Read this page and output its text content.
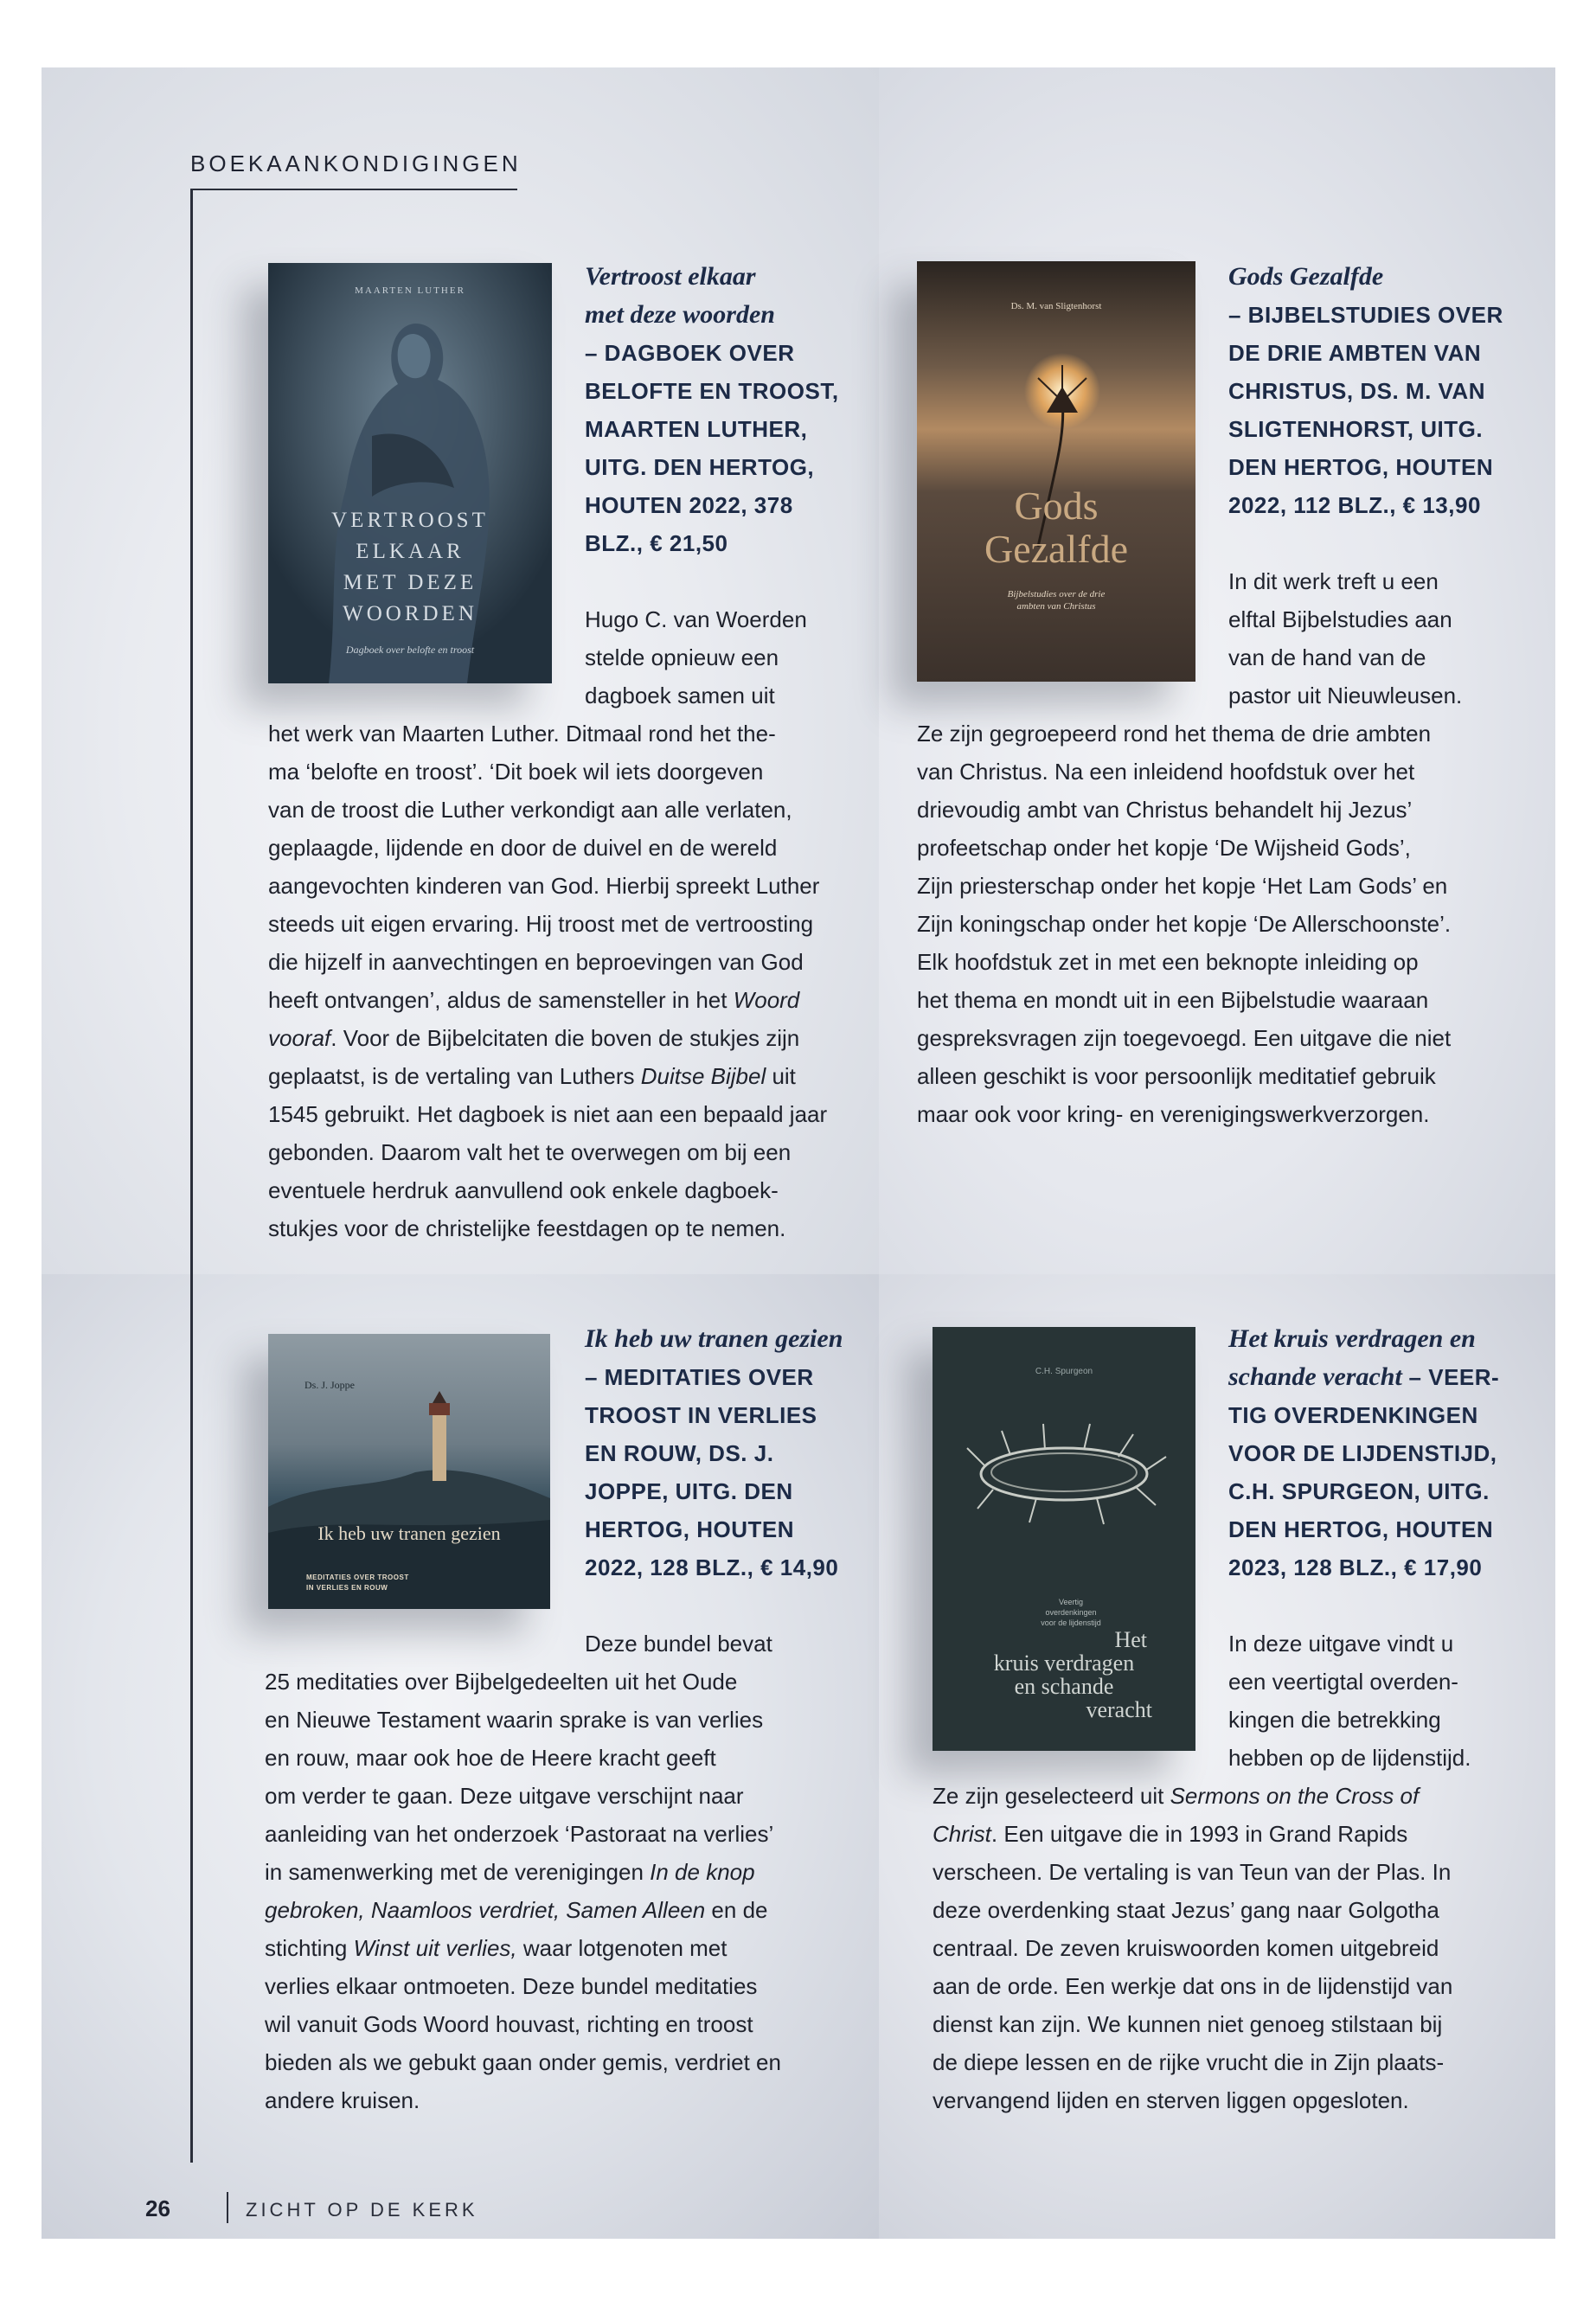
BOEKAANKONDIGINGEN
MAARTEN LUTHER
VERTROOST
ELKAAR
MET DEZE
WOORDEN
Dagboek over belofte en troost
Vertroost elkaar
met deze woorden
– DAGBOEK OVER
BELOFTE EN TROOST,
MAARTEN LUTHER,
UITG. DEN HERTOG,
HOUTEN 2022, 378
BLZ., € 21,50
Hugo C. van Woerden
stelde opnieuw een
dagboek samen uit
het werk van Maarten Luther. Ditmaal rond het the-
ma ‘belofte en troost’. ‘Dit boek wil iets doorgeven
van de troost die Luther verkondigt aan alle verlaten,
geplaagde, lijdende en door de duivel en de wereld
aangevochten kinderen van God. Hierbij spreekt Luther
steeds uit eigen ervaring. Hij troost met de vertroosting
die hijzelf in aanvechtingen en beproevingen van God
heeft ontvangen’, aldus de samensteller in het Woord
vooraf. Voor de Bijbelcitaten die boven de stukjes zijn
geplaatst, is de vertaling van Luthers Duitse Bijbel uit
1545 gebruikt. Het dagboek is niet aan een bepaald jaar
gebonden. Daarom valt het te overwegen om bij een
eventuele herdruk aanvullend ook enkele dagboek-
stukjes voor de christelijke feestdagen op te nemen.
Ds. M. van Sligtenhorst
Gods
Gezalfde
Bijbelstudies over de drie ambten van Christus
Gods Gezalfde
– BIJBELSTUDIES OVER
DE DRIE AMBTEN VAN
CHRISTUS, DS. M. VAN
SLIGTENHORST, UITG.
DEN HERTOG, HOUTEN
2022, 112 BLZ., € 13,90
In dit werk treft u een
elftal Bijbelstudies aan
van de hand van de
pastor uit Nieuwleusen.
Ze zijn gegroepeerd rond het thema de drie ambten
van Christus. Na een inleidend hoofdstuk over het
drievoudig ambt van Christus behandelt hij Jezus’
profeetschap onder het kopje ‘De Wijsheid Gods’,
Zijn priesterschap onder het kopje ‘Het Lam Gods’ en
Zijn koningschap onder het kopje ‘De Allerschoonste’.
Elk hoofdstuk zet in met een beknopte inleiding op
het thema en mondt uit in een Bijbelstudie waaraan
gespreksvragen zijn toegevoegd. Een uitgave die niet
alleen geschikt is voor persoonlijk meditatief gebruik
maar ook voor kring- en verenigingswerkverzorgen.
Ds. J. Joppe
Ik heb uw tranen gezien
MEDITATIES OVER TROOST
IN VERLIES EN ROUW
Ik heb uw tranen gezien
– MEDITATIES OVER
TROOST IN VERLIES
EN ROUW, DS. J.
JOPPE, UITG. DEN
HERTOG, HOUTEN
2022, 128 BLZ., € 14,90
Deze bundel bevat
25 meditaties over Bijbelgedeelten uit het Oude
en Nieuwe Testament waarin sprake is van verlies
en rouw, maar ook hoe de Heere kracht geeft
om verder te gaan. Deze uitgave verschijnt naar
aanleiding van het onderzoek ‘Pastoraat na verlies’
in samenwerking met de verenigingen In de knop
gebroken, Naamloos verdriet, Samen Alleen en de
stichting Winst uit verlies, waar lotgenoten met
verlies elkaar ontmoeten. Deze bundel meditaties
wil vanuit Gods Woord houvast, richting en troost
bieden als we gebukt gaan onder gemis, verdriet en
andere kruisen.
C.H. Spurgeon
Veertig
overdenkingen
voor de lijdenstijd
Het
kruis verdragen
en schande
veracht
Het kruis verdragen en
schande veracht – VEER-
TIG OVERDENKINGEN
VOOR DE LIJDENSTIJD,
C.H. SPURGEON, UITG.
DEN HERTOG, HOUTEN
2023, 128 BLZ., € 17,90
In deze uitgave vindt u
een veertigtal overden-
kingen die betrekking
hebben op de lijdenstijd.
Ze zijn geselecteerd uit Sermons on the Cross of
Christ. Een uitgave die in 1993 in Grand Rapids
verscheen. De vertaling is van Teun van der Plas. In
deze overdenking staat Jezus’ gang naar Golgotha
centraal. De zeven kruiswoorden komen uitgebreid
aan de orde. Een werkje dat ons in de lijdenstijd van
dienst kan zijn. We kunnen niet genoeg stilstaan bij
de diepe lessen en de rijke vrucht die in Zijn plaats-
vervangend lijden en sterven liggen opgesloten.
26	ZICHT OP DE KERK
